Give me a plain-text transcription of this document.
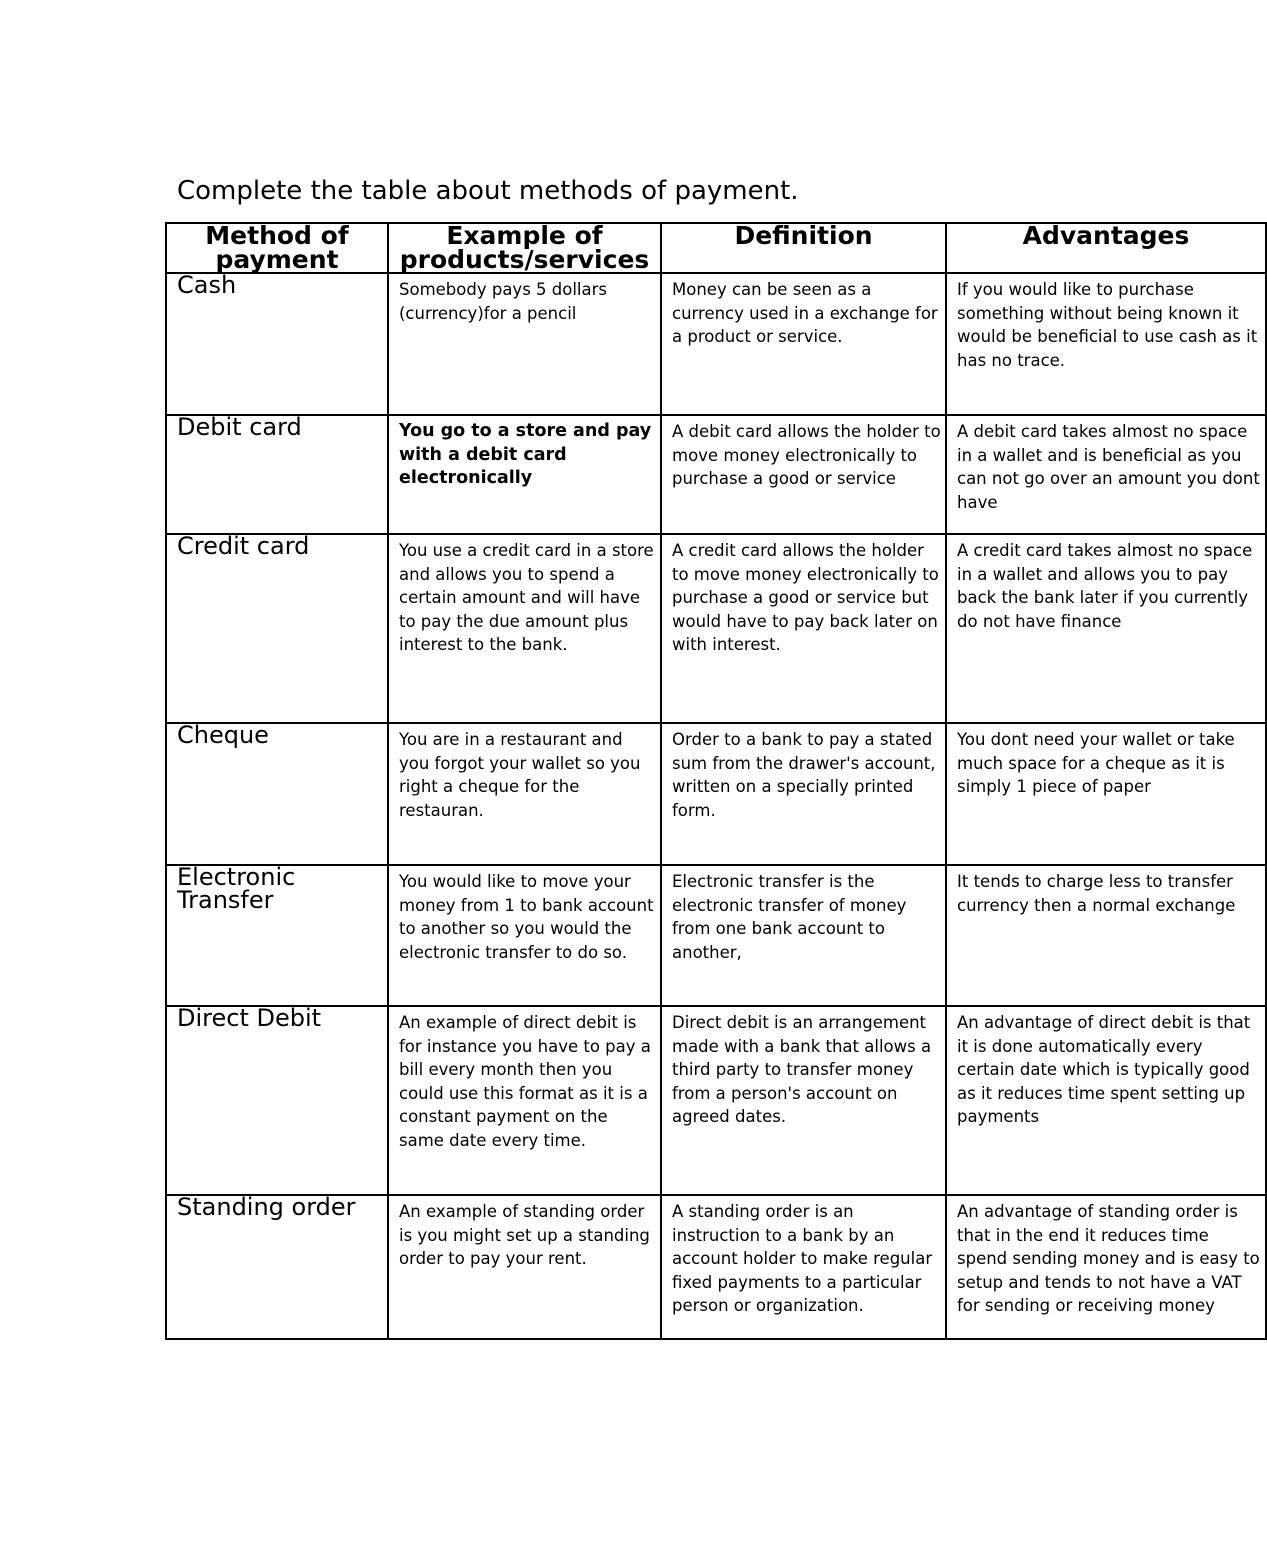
Complete the table about methods of payment.
Method of payment	Example of products/services	Definition	Advantages
Cash	Somebody pays 5 dollars (currency)for a pencil	Money can be seen as a currency used in a exchange for a product or service.	If you would like to purchase something without being known it would be beneficial to use cash as it has no trace.
Debit card	You go to a store and pay with a debit card electronically	A debit card allows the holder to move money electronically to purchase a good or service	A debit card takes almost no space in a wallet and is beneficial as you can not go over an amount you dont have
Credit card	You use a credit card in a store and allows you to spend a certain amount and will have to pay the due amount plus interest to the bank.	A credit card allows the holder to move money electronically to purchase a good or service but would have to pay back later on with interest.	A credit card takes almost no space in a wallet and allows you to pay back the bank later if you currently do not have finance
Cheque	You are in a restaurant and you forgot your wallet so you right a cheque for the restauran.	Order to a bank to pay a stated sum from the drawer's account, written on a specially printed form.	You dont need your wallet or take much space for a cheque as it is simply 1 piece of paper
Electronic Transfer	You would like to move your money from 1 to bank account to another so you would the electronic transfer to do so.	Electronic transfer is the electronic transfer of money from one bank account to another,	It tends to charge less to transfer currency then a normal exchange
Direct Debit	An example of direct debit is for instance you have to pay a bill every month then you could use this format as it is a constant payment on the same date every time.	Direct debit is an arrangement made with a bank that allows a third party to transfer money from a person's account on agreed dates.	An advantage of direct debit is that it is done automatically every certain date which is typically good as it reduces time spent setting up payments
Standing order	An example of standing order is you might set up a standing order to pay your rent.	A standing order is an instruction to a bank by an account holder to make regular fixed payments to a particular person or organization.	An advantage of standing order is that in the end it reduces time spend sending money and is easy to setup and tends to not have a VAT for sending or receiving money
